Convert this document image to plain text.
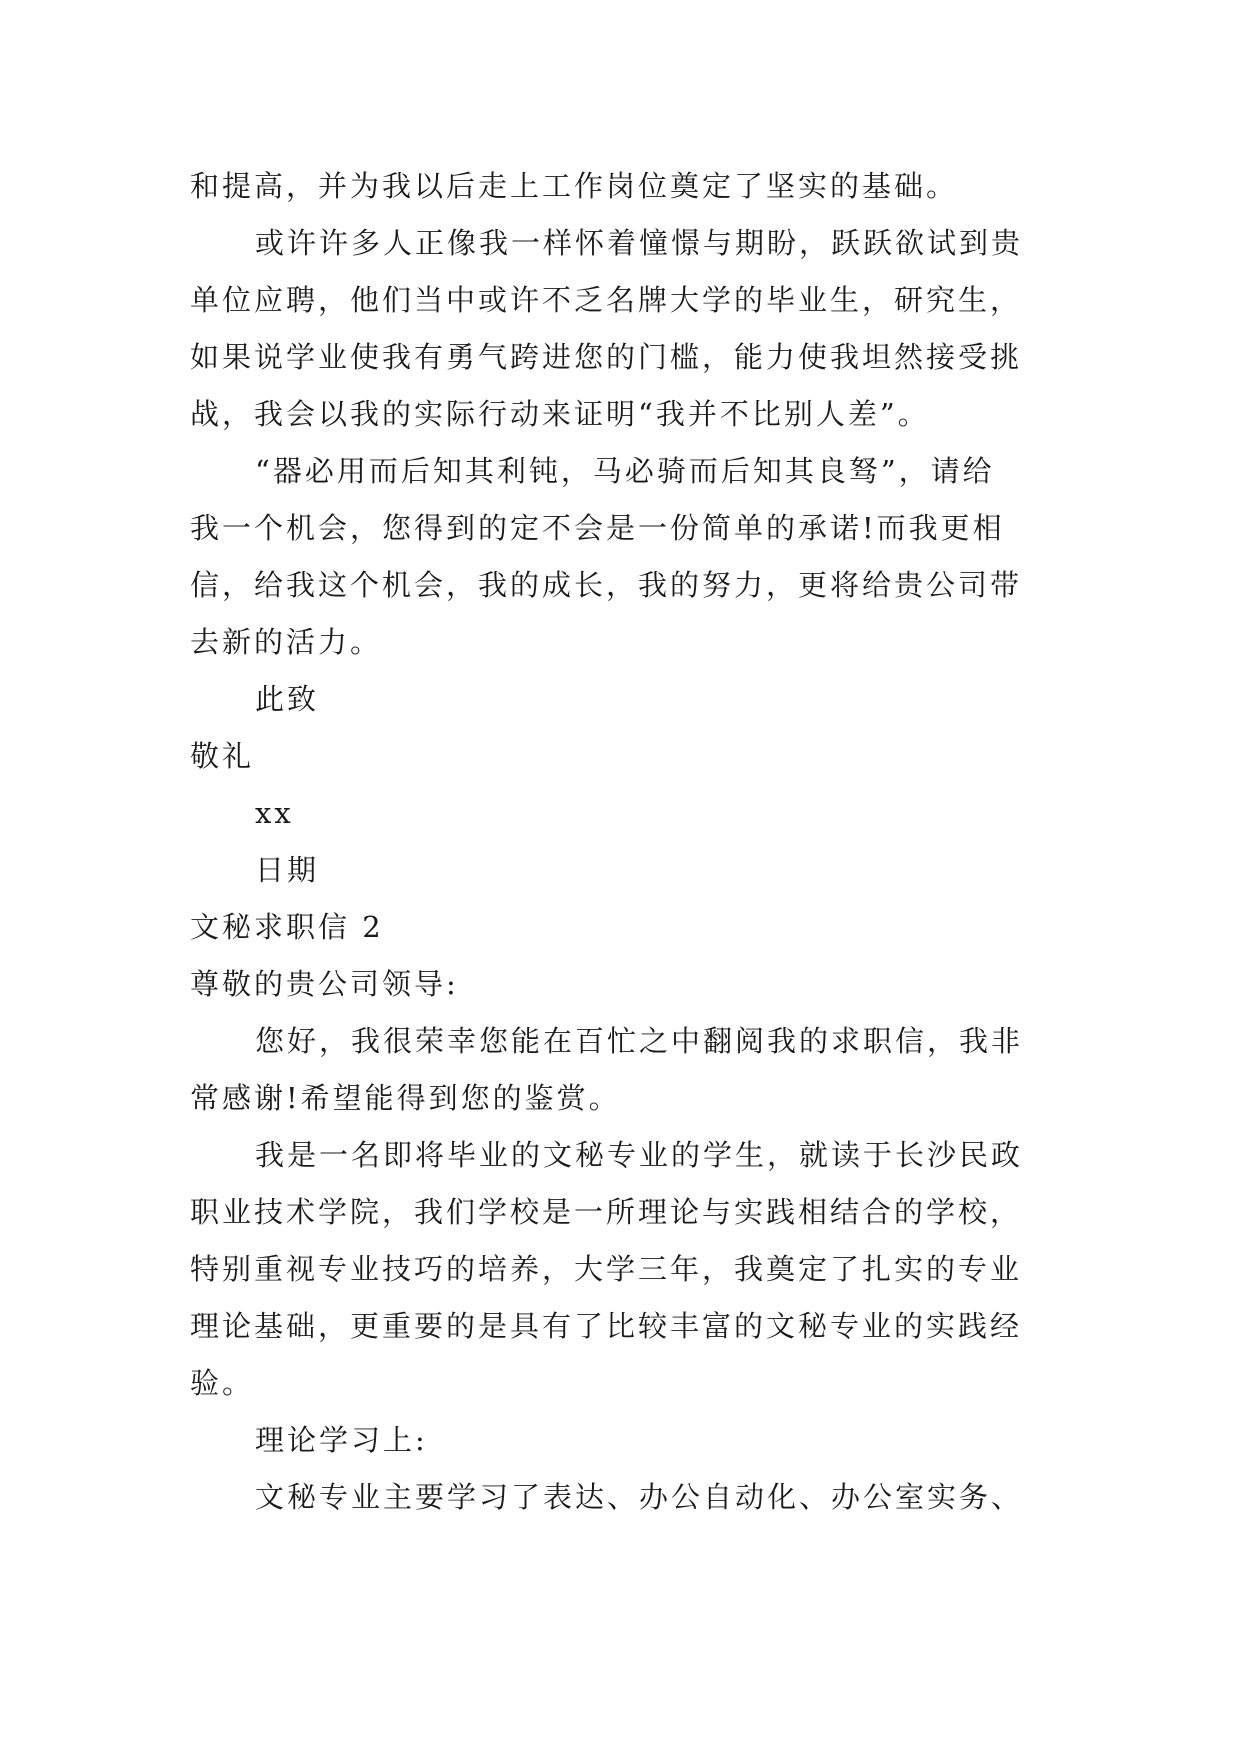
和提高，并为我以后走上工作岗位奠定了坚实的基础。
或许许多人正像我一样怀着憧憬与期盼，跃跃欲试到贵
单位应聘，他们当中或许不乏名牌大学的毕业生，研究生，
如果说学业使我有勇气跨进您的门槛，能力使我坦然接受挑
战，我会以我的实际行动来证明“我并不比别人差”。
“器必用而后知其利钝，马必骑而后知其良驽”，请给
我一个机会，您得到的定不会是一份简单的承诺!而我更相
信，给我这个机会，我的成长，我的努力，更将给贵公司带
去新的活力。
此致
敬礼
xx
日期
文秘求职信 2
尊敬的贵公司领导:
您好，我很荣幸您能在百忙之中翻阅我的求职信，我非
常感谢!希望能得到您的鉴赏。
我是一名即将毕业的文秘专业的学生，就读于长沙民政
职业技术学院，我们学校是一所理论与实践相结合的学校，
特别重视专业技巧的培养，大学三年，我奠定了扎实的专业
理论基础，更重要的是具有了比较丰富的文秘专业的实践经
验。
理论学习上:
文秘专业主要学习了表达、办公自动化、办公室实务、
